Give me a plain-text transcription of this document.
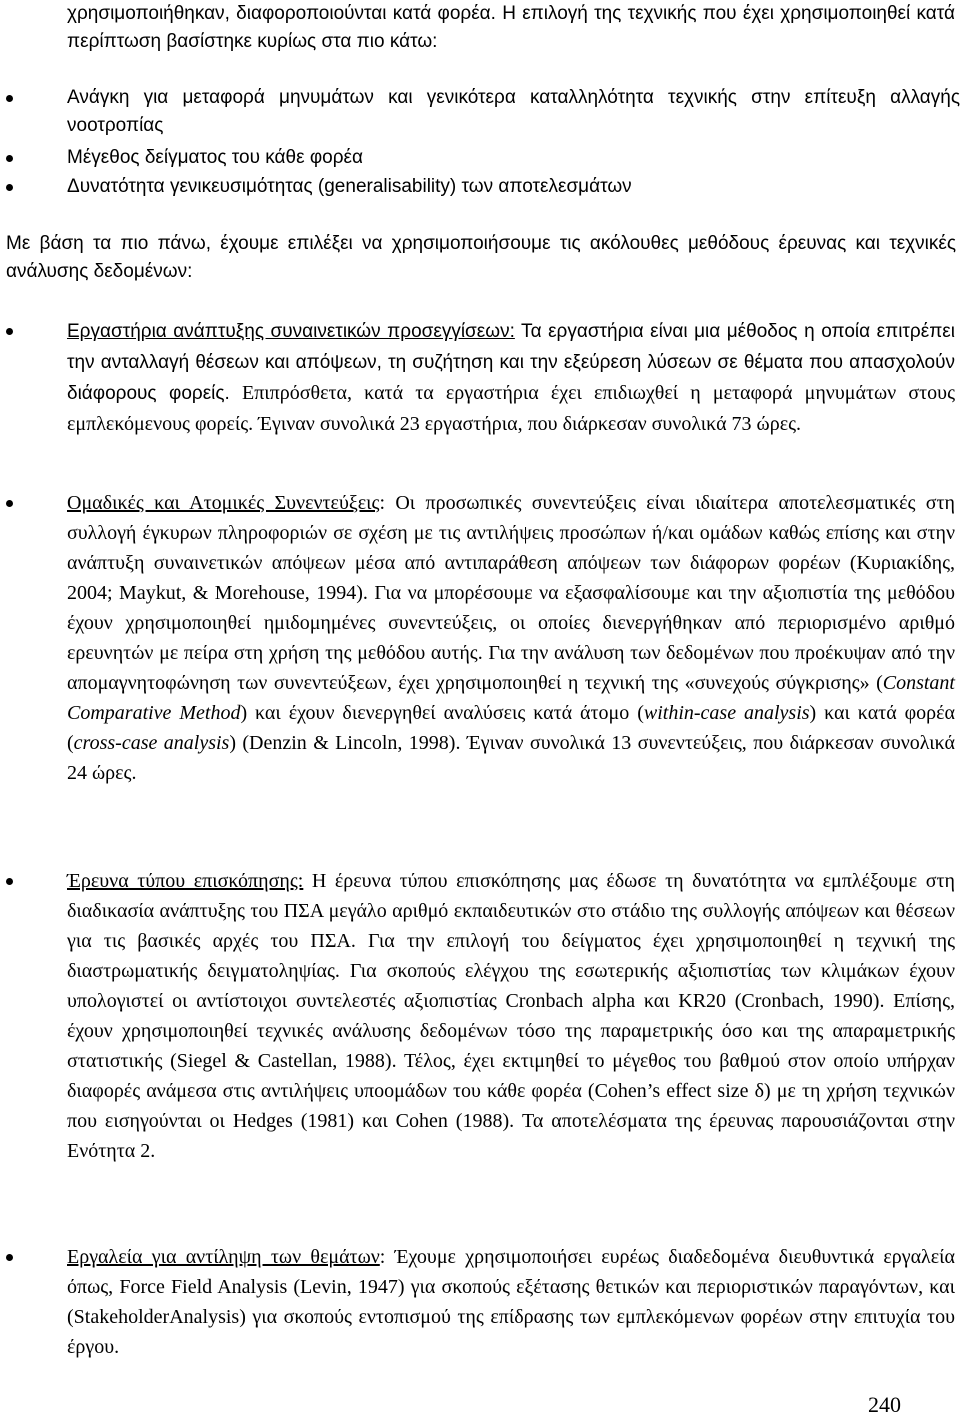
χρησιμοποιήθηκαν, διαφοροποιούνται κατά φορέα. Η επιλογή της τεχνικής που έχει χρησιμοποιηθεί κατά περίπτωση βασίστηκε κυρίως στα πιο κάτω:

Ανάγκη για μεταφορά μηνυμάτων και γενικότερα καταλληλότητα τεχνικής στην επίτευξη αλλαγής νοοτροπίας
Μέγεθος δείγματος του κάθε φορέα
Δυνατότητα γενικευσιμότητας (generalisability) των αποτελεσμάτων

Με βάση τα πιο πάνω, έχουμε επιλέξει να χρησιμοποιήσουμε τις ακόλουθες μεθόδους έρευνας και τεχνικές ανάλυσης δεδομένων:

Εργαστήρια ανάπτυξης συναινετικών προσεγγίσεων: Τα εργαστήρια είναι μια μέθοδος η οποία επιτρέπει την ανταλλαγή θέσεων και απόψεων, τη συζήτηση και την εξεύρεση λύσεων σε θέματα που απασχολούν διάφορους φορείς. Επιπρόσθετα, κατά τα εργαστήρια έχει επιδιωχθεί η μεταφορά μηνυμάτων στους εμπλεκόμενους φορείς. Έγιναν συνολικά 23 εργαστήρια, που διάρκεσαν συνολικά 73 ώρες.
Ομαδικές και Ατομικές Συνεντεύξεις: Οι προσωπικές συνεντεύξεις είναι ιδιαίτερα αποτελεσματικές στη συλλογή έγκυρων πληροφοριών σε σχέση με τις αντιλήψεις προσώπων ή/και ομάδων καθώς επίσης και στην ανάπτυξη συναινετικών απόψεων μέσα από αντιπαράθεση απόψεων των διάφορων φορέων (Κυριακίδης, 2004; Maykut, & Morehouse, 1994). Για να μπορέσουμε να εξασφαλίσουμε και την αξιοπιστία της μεθόδου έχουν χρησιμοποιηθεί ημιδομημένες συνεντεύξεις, οι οποίες διενεργήθηκαν από περιορισμένο αριθμό ερευνητών με πείρα στη χρήση της μεθόδου αυτής. Για την ανάλυση των δεδομένων που προέκυψαν από την απομαγνητοφώνηση των συνεντεύξεων, έχει χρησιμοποιηθεί η τεχνική της «συνεχούς σύγκρισης» (Constant Comparative Method) και έχουν διενεργηθεί αναλύσεις κατά άτομο (within-case analysis) και κατά φορέα (cross-case analysis) (Denzin & Lincoln, 1998). Έγιναν συνολικά 13 συνεντεύξεις, που διάρκεσαν συνολικά 24 ώρες.
Έρευνα τύπου επισκόπησης: Η έρευνα τύπου επισκόπησης μας έδωσε τη δυνατότητα να εμπλέξουμε στη διαδικασία ανάπτυξης του ΠΣΑ μεγάλο αριθμό εκπαιδευτικών στο στάδιο της συλλογής απόψεων και θέσεων για τις βασικές αρχές του ΠΣΑ. Για την επιλογή του δείγματος έχει χρησιμοποιηθεί η τεχνική της διαστρωματικής δειγματοληψίας. Για σκοπούς ελέγχου της εσωτερικής αξιοπιστίας των κλιμάκων έχουν υπολογιστεί οι αντίστοιχοι συντελεστές αξιοπιστίας Cronbach alpha και KR20 (Cronbach, 1990). Επίσης, έχουν χρησιμοποιηθεί τεχνικές ανάλυσης δεδομένων τόσο της παραμετρικής όσο και της απαραμετρικής στατιστικής (Siegel & Castellan, 1988). Τέλος, έχει εκτιμηθεί το μέγεθος του βαθμού στον οποίο υπήρχαν διαφορές ανάμεσα στις αντιλήψεις υποομάδων του κάθε φορέα (Cohen’s effect size δ) με τη χρήση τεχνικών που εισηγούνται οι Hedges (1981) και Cohen (1988). Τα αποτελέσματα της έρευνας παρουσιάζονται στην Ενότητα 2.
Εργαλεία για αντίληψη των θεμάτων: Έχουμε χρησιμοποιήσει ευρέως διαδεδομένα διευθυντικά εργαλεία όπως, Force Field Analysis (Levin, 1947) για σκοπούς εξέτασης θετικών και περιοριστικών παραγόντων, και (StakeholderAnalysis) για σκοπούς εντοπισμού της επίδρασης των εμπλεκόμενων φορέων στην επιτυχία του έργου.
240
